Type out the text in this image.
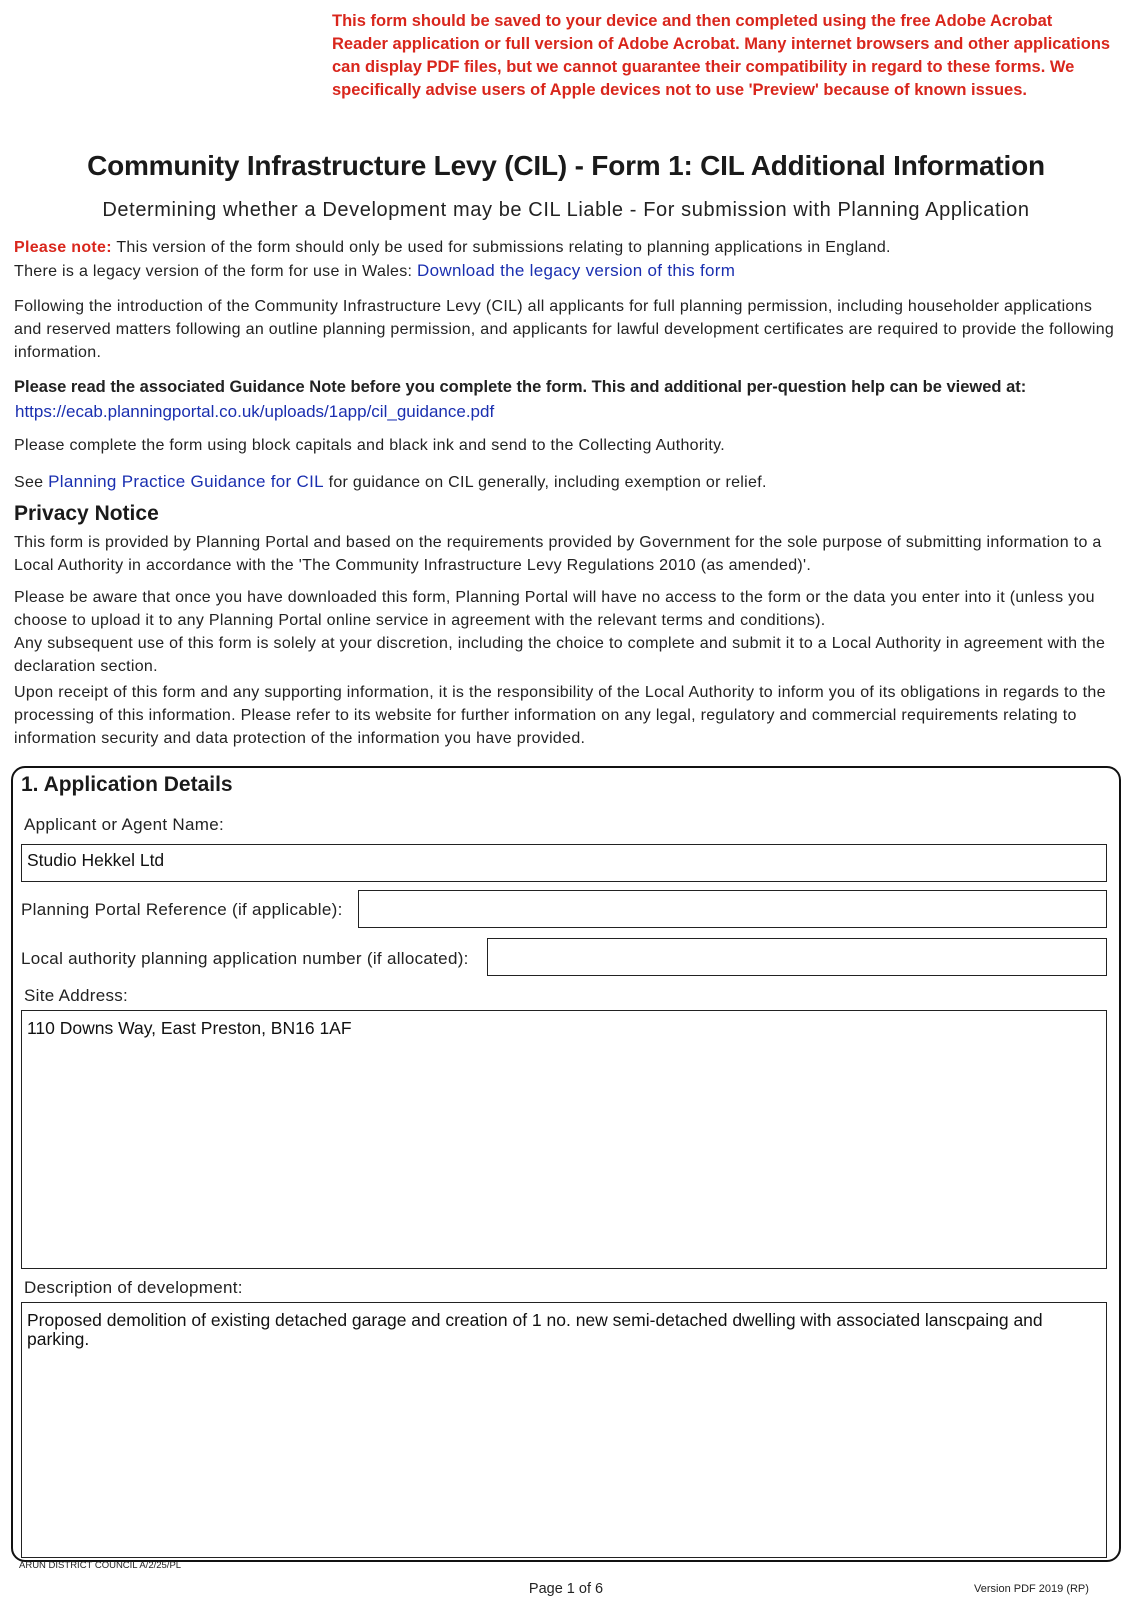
This form should be saved to your device and then completed using the free Adobe Acrobat Reader application or full version of Adobe Acrobat. Many internet browsers and other applications can display PDF files, but we cannot guarantee their compatibility in regard to these forms. We specifically advise users of Apple devices not to use 'Preview' because of known issues.
Community Infrastructure Levy (CIL) - Form 1: CIL Additional Information
Determining whether a Development may be CIL Liable - For submission with Planning Application
Please note: This version of the form should only be used for submissions relating to planning applications in England.
There is a legacy version of the form for use in Wales: Download the legacy version of this form
Following the introduction of the Community Infrastructure Levy (CIL) all applicants for full planning permission, including householder applications and reserved matters following an outline planning permission, and applicants for lawful development certificates are required to provide the following information.
Please read the associated Guidance Note before you complete the form. This and additional per-question help can be viewed at:
https://ecab.planningportal.co.uk/uploads/1app/cil_guidance.pdf
Please complete the form using block capitals and black ink and send to the Collecting Authority.
See Planning Practice Guidance for CIL for guidance on CIL generally, including exemption or relief.
Privacy Notice
This form is provided by Planning Portal and based on the requirements provided by Government for the sole purpose of submitting information to a Local Authority in accordance with the 'The Community Infrastructure Levy Regulations 2010 (as amended)'.
Please be aware that once you have downloaded this form, Planning Portal will have no access to the form or the data you enter into it (unless you choose to upload it to any Planning Portal online service in agreement with the relevant terms and conditions).
Any subsequent use of this form is solely at your discretion, including the choice to complete and submit it to a Local Authority in agreement with the declaration section.
Upon receipt of this form and any supporting information, it is the responsibility of the Local Authority to inform you of its obligations in regards to the processing of this information. Please refer to its website for further information on any legal, regulatory and commercial requirements relating to information security and data protection of the information you have provided.
1. Application Details
Applicant or Agent Name:
Studio Hekkel Ltd
Planning Portal Reference (if applicable):
Local authority planning application number (if allocated):
Site Address:
110 Downs Way, East Preston, BN16 1AF
Description of development:
Proposed demolition of existing detached garage and creation of 1 no. new semi-detached dwelling with associated lanscpaing and parking.
ARUN DISTRICT COUNCIL A/2/25/PL
Page 1 of 6	Version PDF 2019 (RP)
